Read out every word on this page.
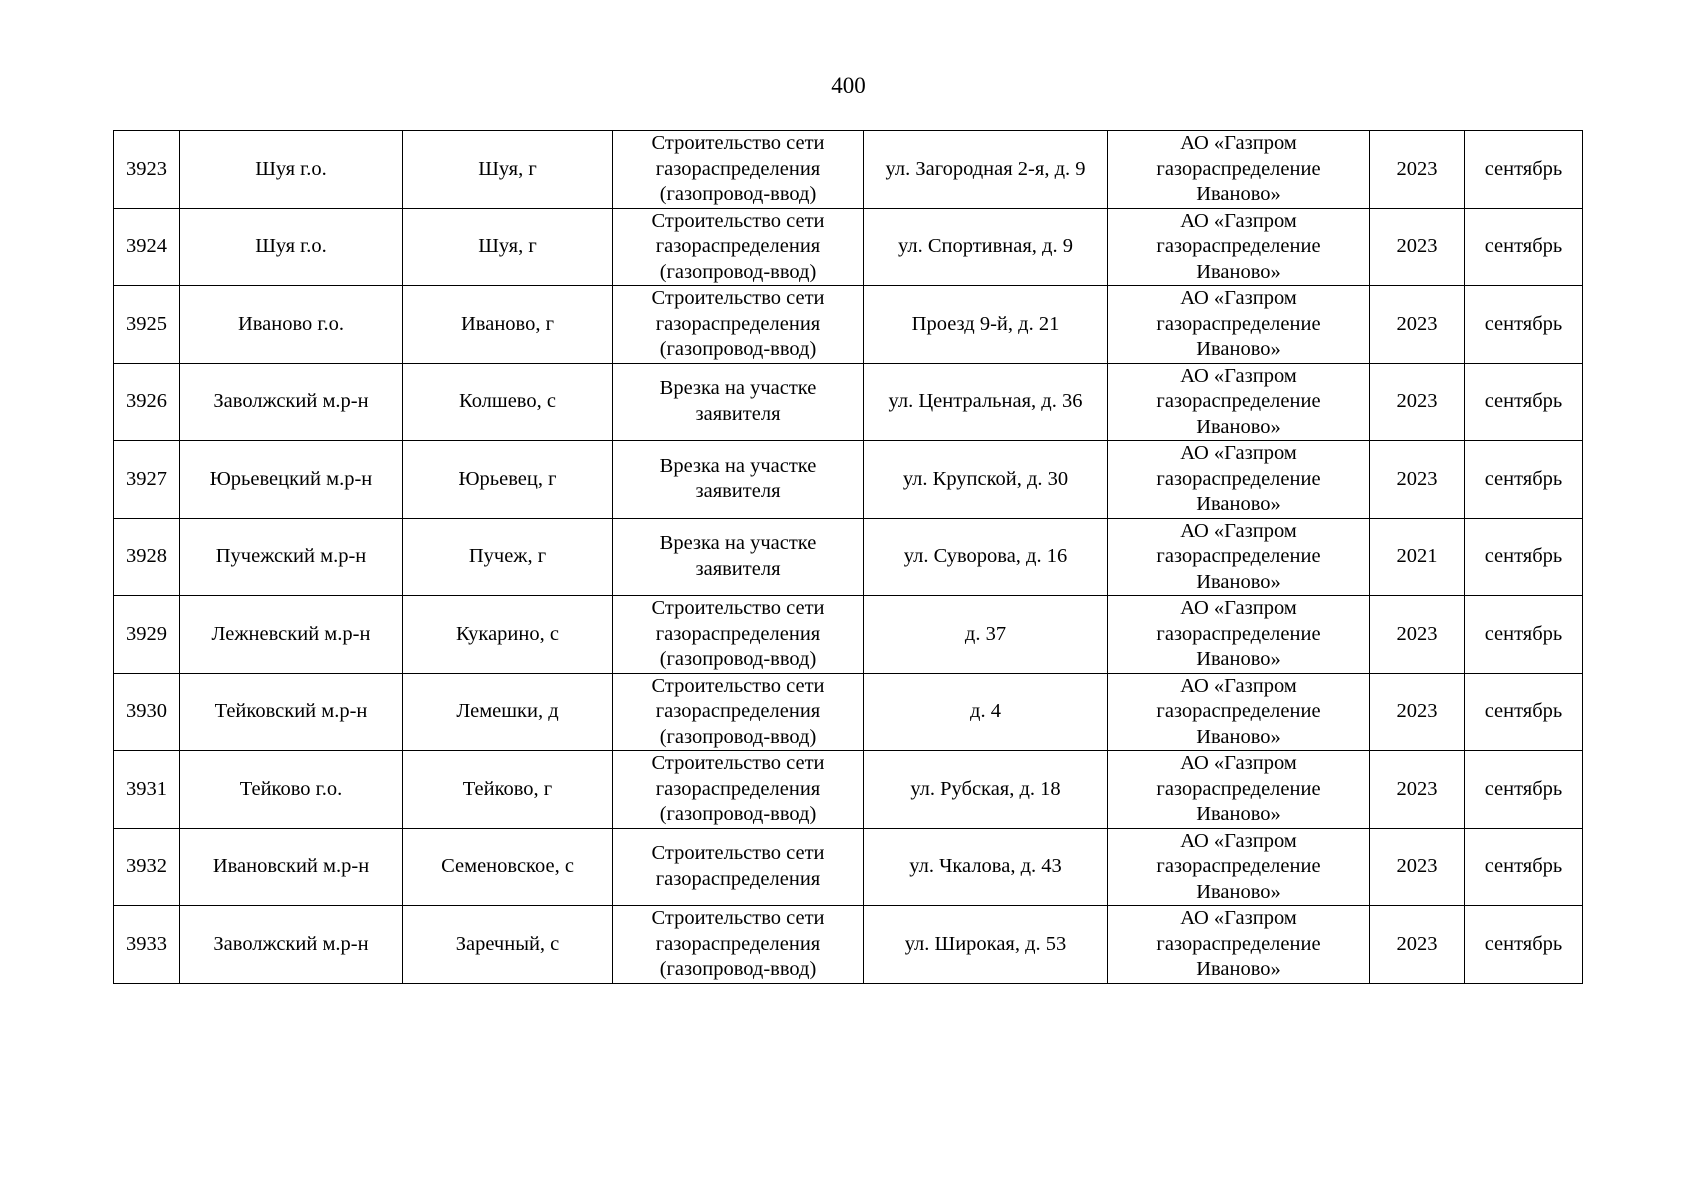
400
3923	Шуя г.о.	Шуя, г	Строительство сети
газораспределения
(газопровод-ввод)	ул. Загородная 2-я, д. 9	АО «Газпром
газораспределение
Иваново»	2023	сентябрь
3924	Шуя г.о.	Шуя, г	Строительство сети
газораспределения
(газопровод-ввод)	ул. Спортивная, д. 9	АО «Газпром
газораспределение
Иваново»	2023	сентябрь
3925	Иваново г.о.	Иваново, г	Строительство сети
газораспределения
(газопровод-ввод)	Проезд 9-й, д. 21	АО «Газпром
газораспределение
Иваново»	2023	сентябрь
3926	Заволжский м.р-н	Колшево, с	Врезка на участке
заявителя	ул. Центральная, д. 36	АО «Газпром
газораспределение
Иваново»	2023	сентябрь
3927	Юрьевецкий м.р-н	Юрьевец, г	Врезка на участке
заявителя	ул. Крупской, д. 30	АО «Газпром
газораспределение
Иваново»	2023	сентябрь
3928	Пучежский м.р-н	Пучеж, г	Врезка на участке
заявителя	ул. Суворова, д. 16	АО «Газпром
газораспределение
Иваново»	2021	сентябрь
3929	Лежневский м.р-н	Кукарино, с	Строительство сети
газораспределения
(газопровод-ввод)	д. 37	АО «Газпром
газораспределение
Иваново»	2023	сентябрь
3930	Тейковский м.р-н	Лемешки, д	Строительство сети
газораспределения
(газопровод-ввод)	д. 4	АО «Газпром
газораспределение
Иваново»	2023	сентябрь
3931	Тейково г.о.	Тейково, г	Строительство сети
газораспределения
(газопровод-ввод)	ул. Рубская, д. 18	АО «Газпром
газораспределение
Иваново»	2023	сентябрь
3932	Ивановский м.р-н	Семеновское, с	Строительство сети
газораспределения	ул. Чкалова, д. 43	АО «Газпром
газораспределение
Иваново»	2023	сентябрь
3933	Заволжский м.р-н	Заречный, с	Строительство сети
газораспределения
(газопровод-ввод)	ул. Широкая, д. 53	АО «Газпром
газораспределение
Иваново»	2023	сентябрь
